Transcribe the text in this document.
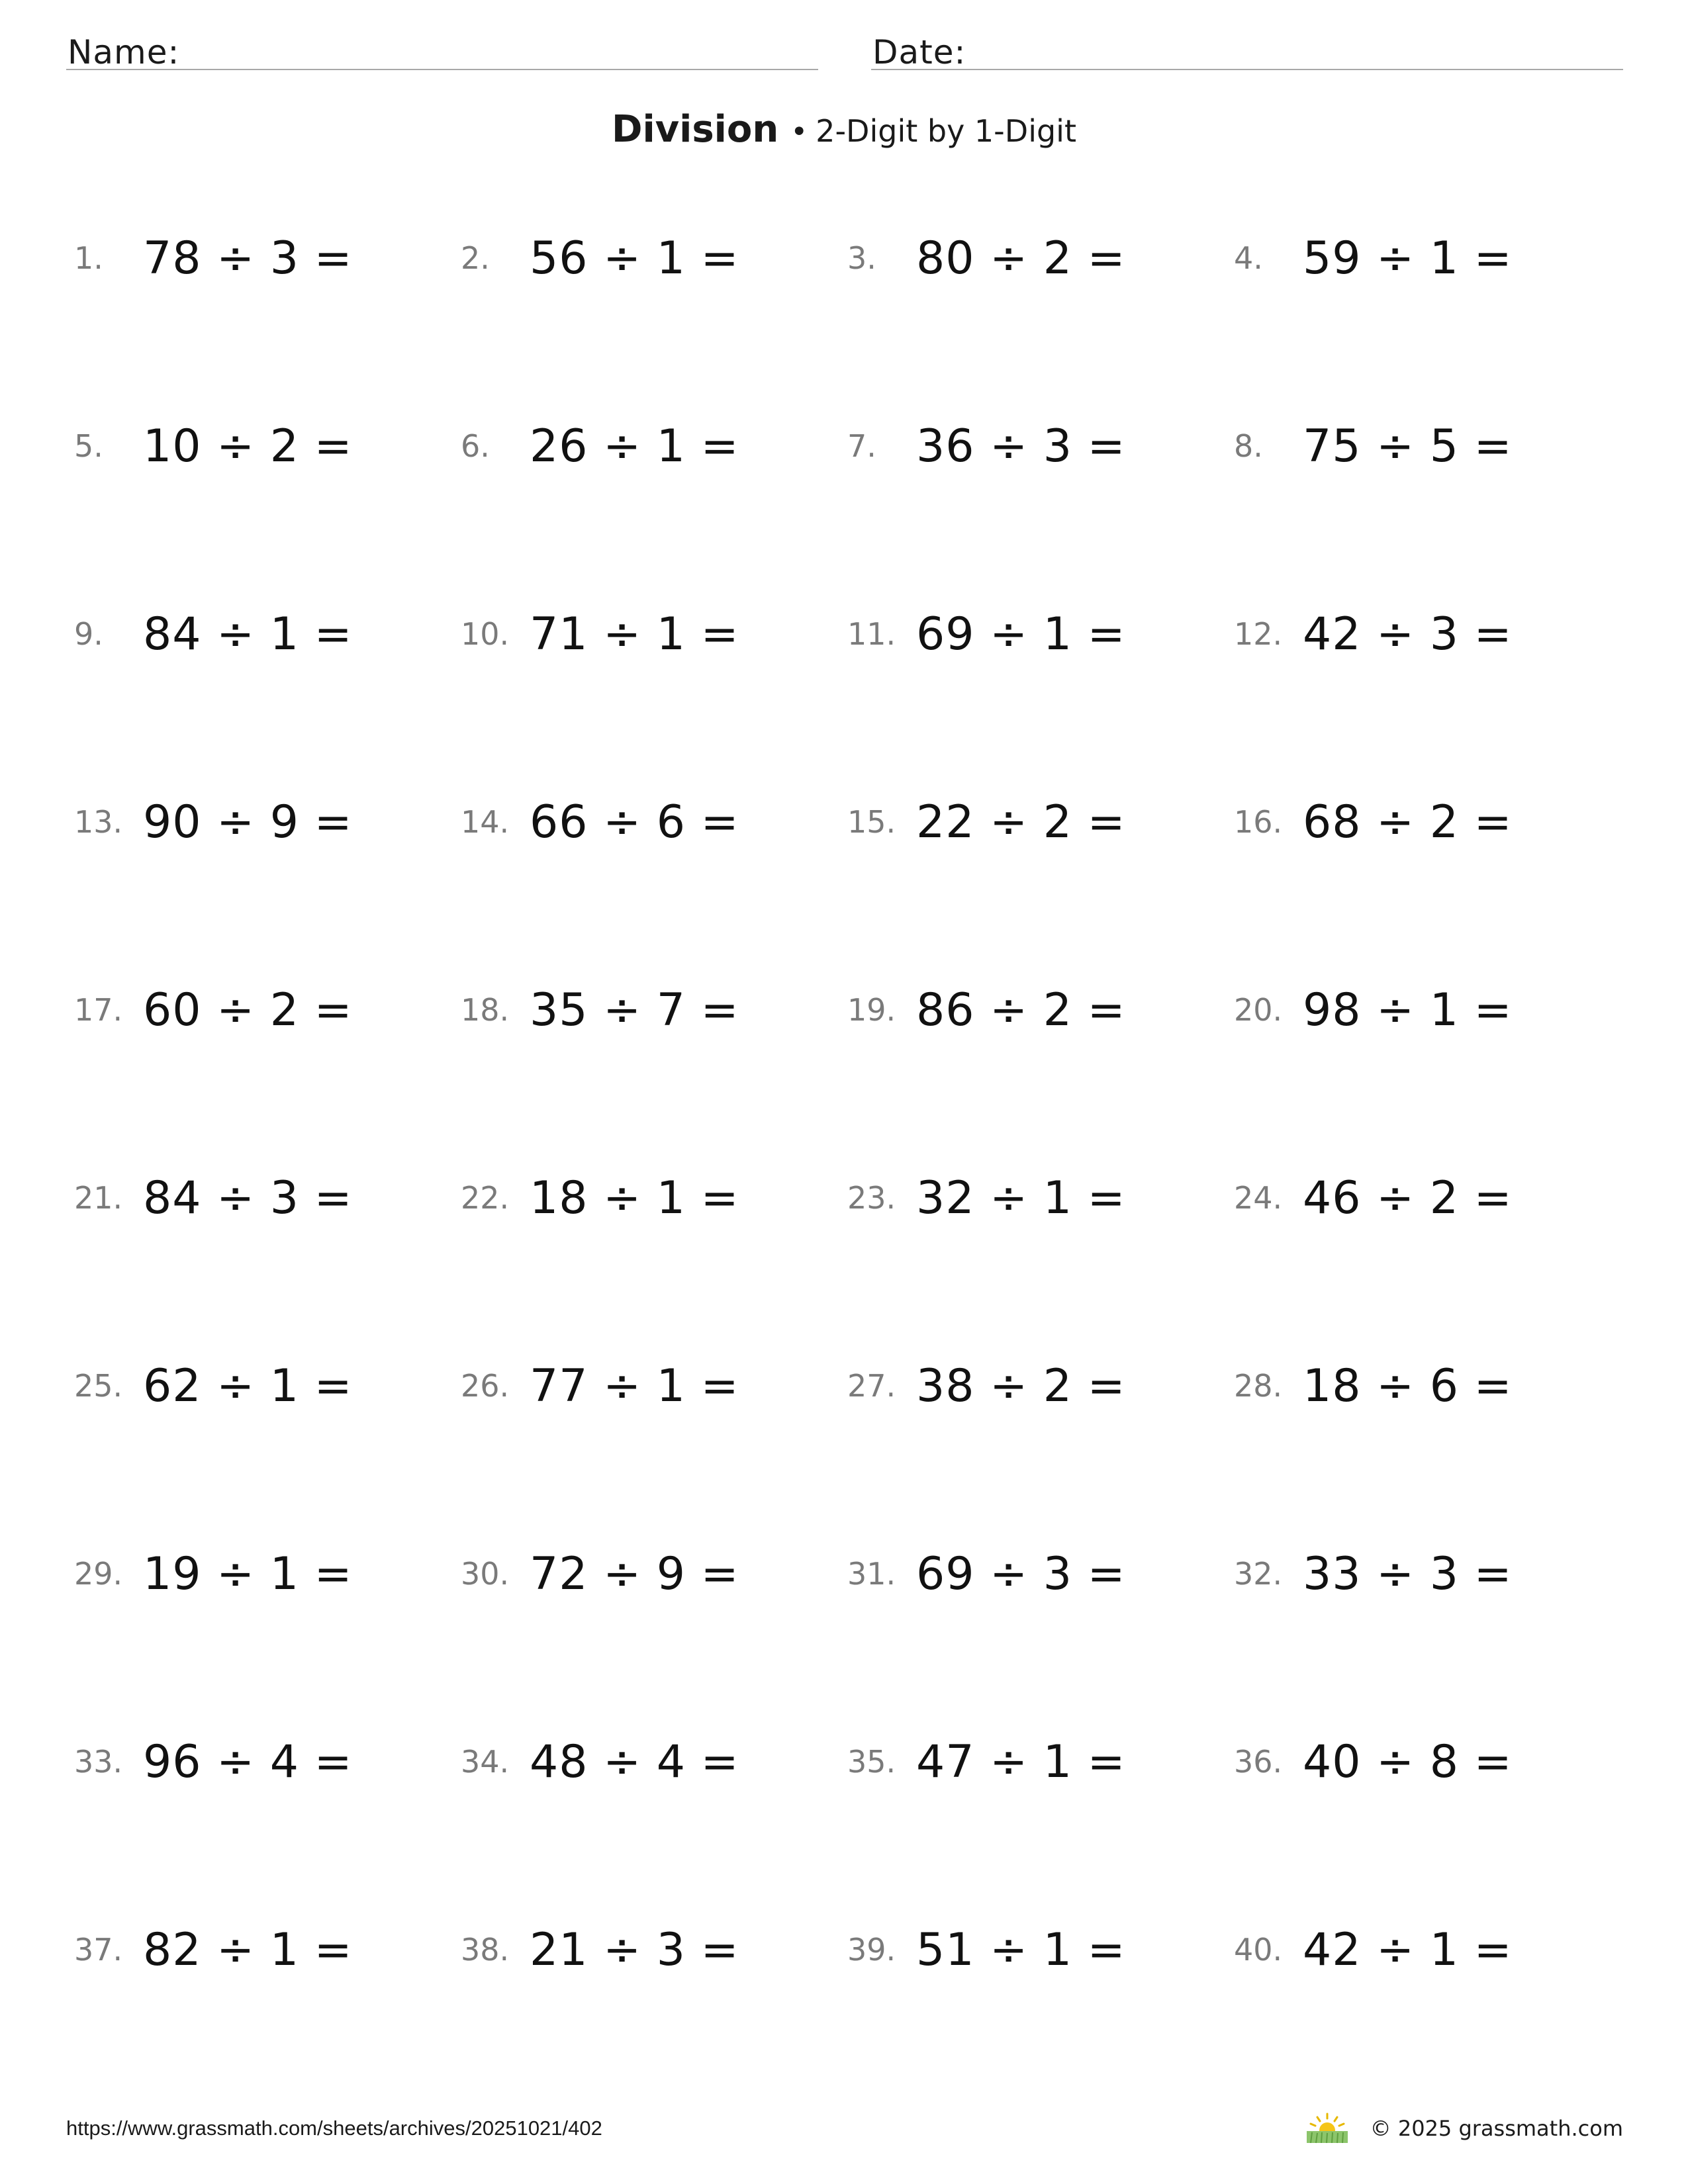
Name:	Date:
Division • 2-Digit by 1-Digit
1. 78 ÷ 3 =	2. 56 ÷ 1 =	3. 80 ÷ 2 =	4. 59 ÷ 1 =
5. 10 ÷ 2 =	6. 26 ÷ 1 =	7. 36 ÷ 3 =	8. 75 ÷ 5 =
9. 84 ÷ 1 =	10. 71 ÷ 1 =	11. 69 ÷ 1 =	12. 42 ÷ 3 =
13. 90 ÷ 9 =	14. 66 ÷ 6 =	15. 22 ÷ 2 =	16. 68 ÷ 2 =
17. 60 ÷ 2 =	18. 35 ÷ 7 =	19. 86 ÷ 2 =	20. 98 ÷ 1 =
21. 84 ÷ 3 =	22. 18 ÷ 1 =	23. 32 ÷ 1 =	24. 46 ÷ 2 =
25. 62 ÷ 1 =	26. 77 ÷ 1 =	27. 38 ÷ 2 =	28. 18 ÷ 6 =
29. 19 ÷ 1 =	30. 72 ÷ 9 =	31. 69 ÷ 3 =	32. 33 ÷ 3 =
33. 96 ÷ 4 =	34. 48 ÷ 4 =	35. 47 ÷ 1 =	36. 40 ÷ 8 =
37. 82 ÷ 1 =	38. 21 ÷ 3 =	39. 51 ÷ 1 =	40. 42 ÷ 1 =
https://www.grassmath.com/sheets/archives/20251021/402	© 2025 grassmath.com
